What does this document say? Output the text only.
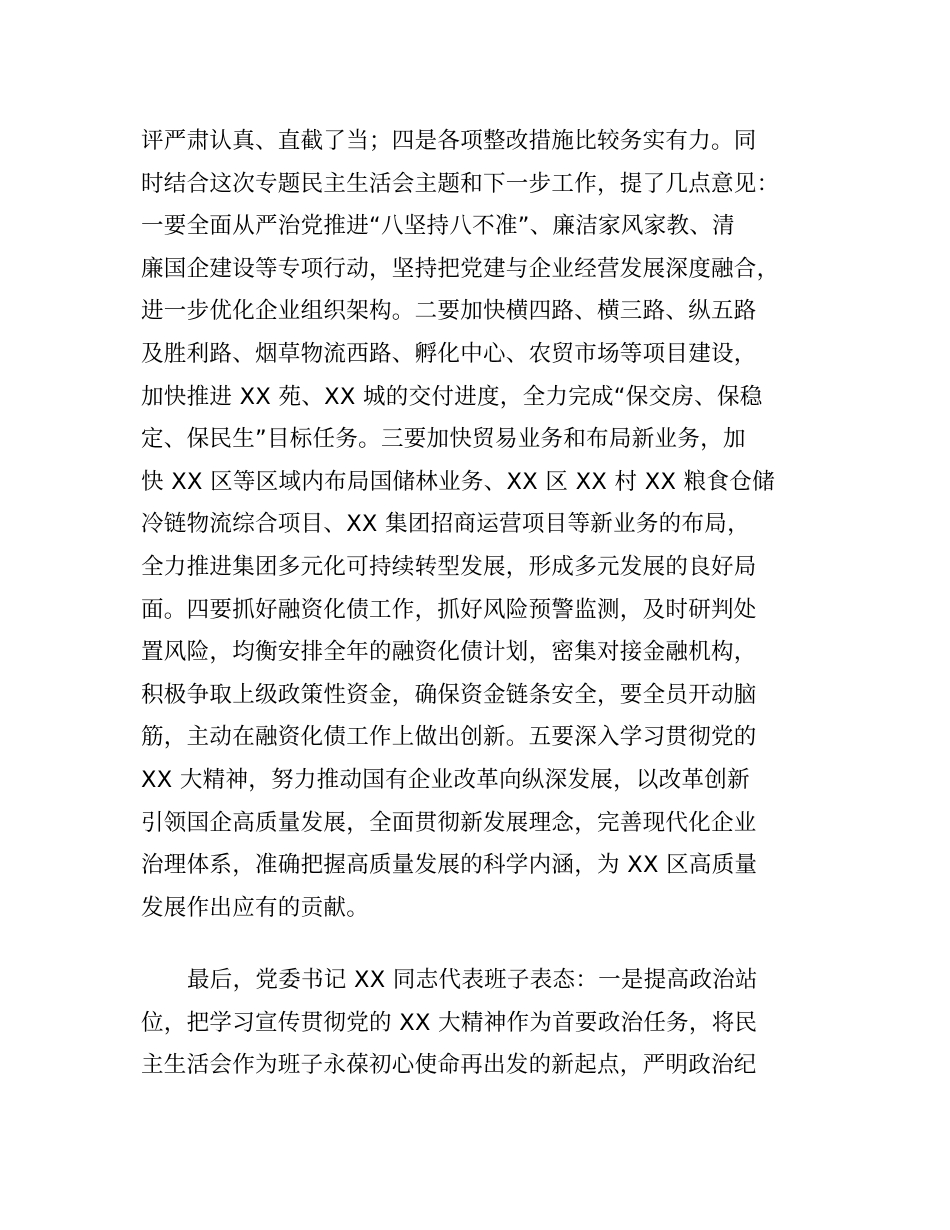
评严肃认真、直截了当；四是各项整改措施比较务实有力。同
时结合这次专题民主生活会主题和下一步工作，提了几点意见：
一要全面从严治党推进“八坚持八不准”、廉洁家风家教、清
廉国企建设等专项行动，坚持把党建与企业经营发展深度融合，
进一步优化企业组织架构。二要加快横四路、横三路、纵五路
及胜利路、烟草物流西路、孵化中心、农贸市场等项目建设，
加快推进 XX 苑、XX 城的交付进度，全力完成“保交房、保稳
定、保民生”目标任务。三要加快贸易业务和布局新业务，加
快 XX 区等区域内布局国储林业务、XX 区 XX 村 XX 粮食仓储
冷链物流综合项目、XX 集团招商运营项目等新业务的布局，
全力推进集团多元化可持续转型发展，形成多元发展的良好局
面。四要抓好融资化债工作，抓好风险预警监测，及时研判处
置风险，均衡安排全年的融资化债计划，密集对接金融机构，
积极争取上级政策性资金，确保资金链条安全，要全员开动脑
筋，主动在融资化债工作上做出创新。五要深入学习贯彻党的
XX 大精神，努力推动国有企业改革向纵深发展，以改革创新
引领国企高质量发展，全面贯彻新发展理念，完善现代化企业
治理体系，准确把握高质量发展的科学内涵，为 XX 区高质量
发展作出应有的贡献。
最后，党委书记 XX 同志代表班子表态：一是提高政治站
位，把学习宣传贯彻党的 XX 大精神作为首要政治任务，将民
主生活会作为班子永葆初心使命再出发的新起点，严明政治纪
